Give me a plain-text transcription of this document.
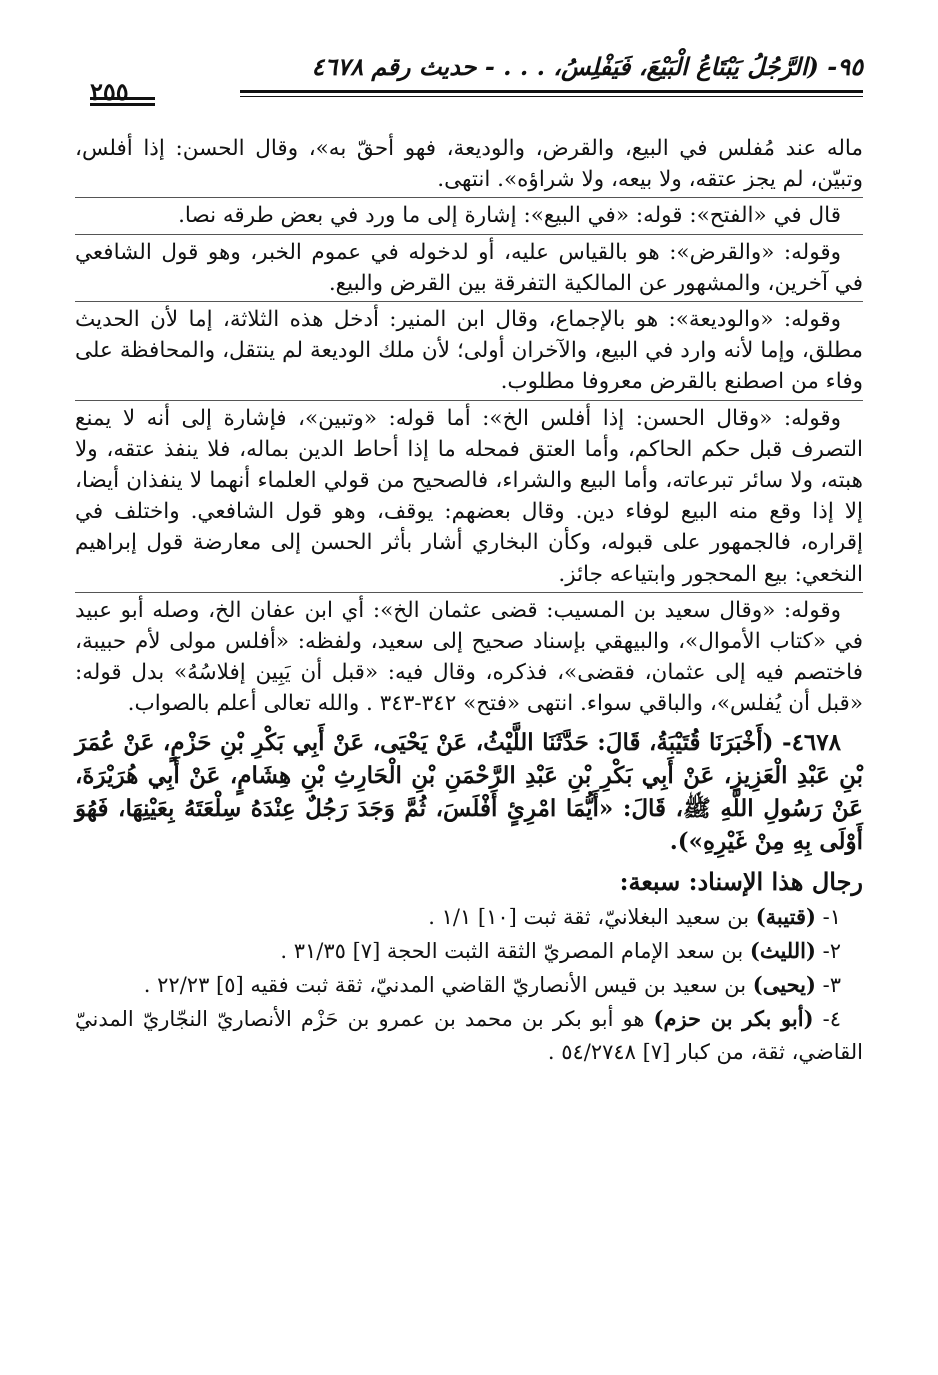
٩٥- (الرَّجُلُ يَبْتَاعُ الْبَيْعَ، فَيَفْلِسُ، . . . - حديث رقم ٤٦٧٨
٢٥٥

ماله عند مُفلس في البيع، والقرض، والوديعة، فهو أحقّ به»، وقال الحسن: إذا أفلس، وتبيّن، لم يجز عتقه، ولا بيعه، ولا شراؤه». انتهى.

قال في «الفتح»: قوله: «في البيع»: إشارة إلى ما ورد في بعض طرقه نصا.

وقوله: «والقرض»: هو بالقياس عليه، أو لدخوله في عموم الخبر، وهو قول الشافعي في آخرين، والمشهور عن المالكية التفرقة بين القرض والبيع.

وقوله: «والوديعة»: هو بالإجماع، وقال ابن المنير: أدخل هذه الثلاثة، إما لأن الحديث مطلق، وإما لأنه وارد في البيع، والآخران أولى؛ لأن ملك الوديعة لم ينتقل، والمحافظة على وفاء من اصطنع بالقرض معروفا مطلوب.

وقوله: «وقال الحسن: إذا أفلس الخ»: أما قوله: «وتبين»، فإشارة إلى أنه لا يمنع التصرف قبل حكم الحاكم، وأما العتق فمحله ما إذا أحاط الدين بماله، فلا ينفذ عتقه، ولا هبته، ولا سائر تبرعاته، وأما البيع والشراء، فالصحيح من قولي العلماء أنهما لا ينفذان أيضا، إلا إذا وقع منه البيع لوفاء دين. وقال بعضهم: يوقف، وهو قول الشافعي. واختلف في إقراره، فالجمهور على قبوله، وكأن البخاري أشار بأثر الحسن إلى معارضة قول إبراهيم النخعي: بيع المحجور وابتياعه جائز.

وقوله: «وقال سعيد بن المسيب: قضى عثمان الخ»: أي ابن عفان الخ، وصله أبو عبيد في «كتاب الأموال»، والبيهقي بإسناد صحيح إلى سعيد، ولفظه: «أفلس مولى لأم حبيبة، فاختصم فيه إلى عثمان، فقضى»، فذكره، وقال فيه: «قبل أن يَبِين إفلاسُهُ» بدل قوله: «قبل أن يُفلس»، والباقي سواء. انتهى «فتح» ٣٤٢-٣٤٣ . والله تعالى أعلم بالصواب.

٤٦٧٨- (أَخْبَرَنَا قُتَيْبَةُ، قَالَ: حَدَّثَنَا اللَّيْثُ، عَنْ يَحْيَى، عَنْ أَبِي بَكْرِ بْنِ حَزْمٍ، عَنْ عُمَرَ بْنِ عَبْدِ الْعَزِيزِ، عَنْ أَبِي بَكْرِ بْنِ عَبْدِ الرَّحْمَنِ بْنِ الْحَارِثِ بْنِ هِشَامٍ، عَنْ أَبِي هُرَيْرَةَ، عَنْ رَسُولِ اللَّهِ ﷺ، قَالَ: «أَيُّمَا امْرِئٍ أَفْلَسَ، ثُمَّ وَجَدَ رَجُلٌ عِنْدَهُ سِلْعَتَهُ بِعَيْنِهَا، فَهُوَ أَوْلَى بِهِ مِنْ غَيْرِهِ»).

رجال هذا الإسناد: سبعة:

١- (قتيبة) بن سعيد البغلانيّ، ثقة ثبت [١٠] ١/١ .

٢- (الليث) بن سعد الإمام المصريّ الثقة الثبت الحجة [٧] ٣١/٣٥ .

٣- (يحيى) بن سعيد بن قيس الأنصاريّ القاضي المدنيّ، ثقة ثبت فقيه [٥] ٢٢/٢٣ .

٤- (أبو بكر بن حزم) هو أبو بكر بن محمد بن عمرو بن حَزْم الأنصاريّ النجّاريّ المدنيّ القاضي، ثقة، من كبار [٧] ٥٤/٢٧٤٨ .
